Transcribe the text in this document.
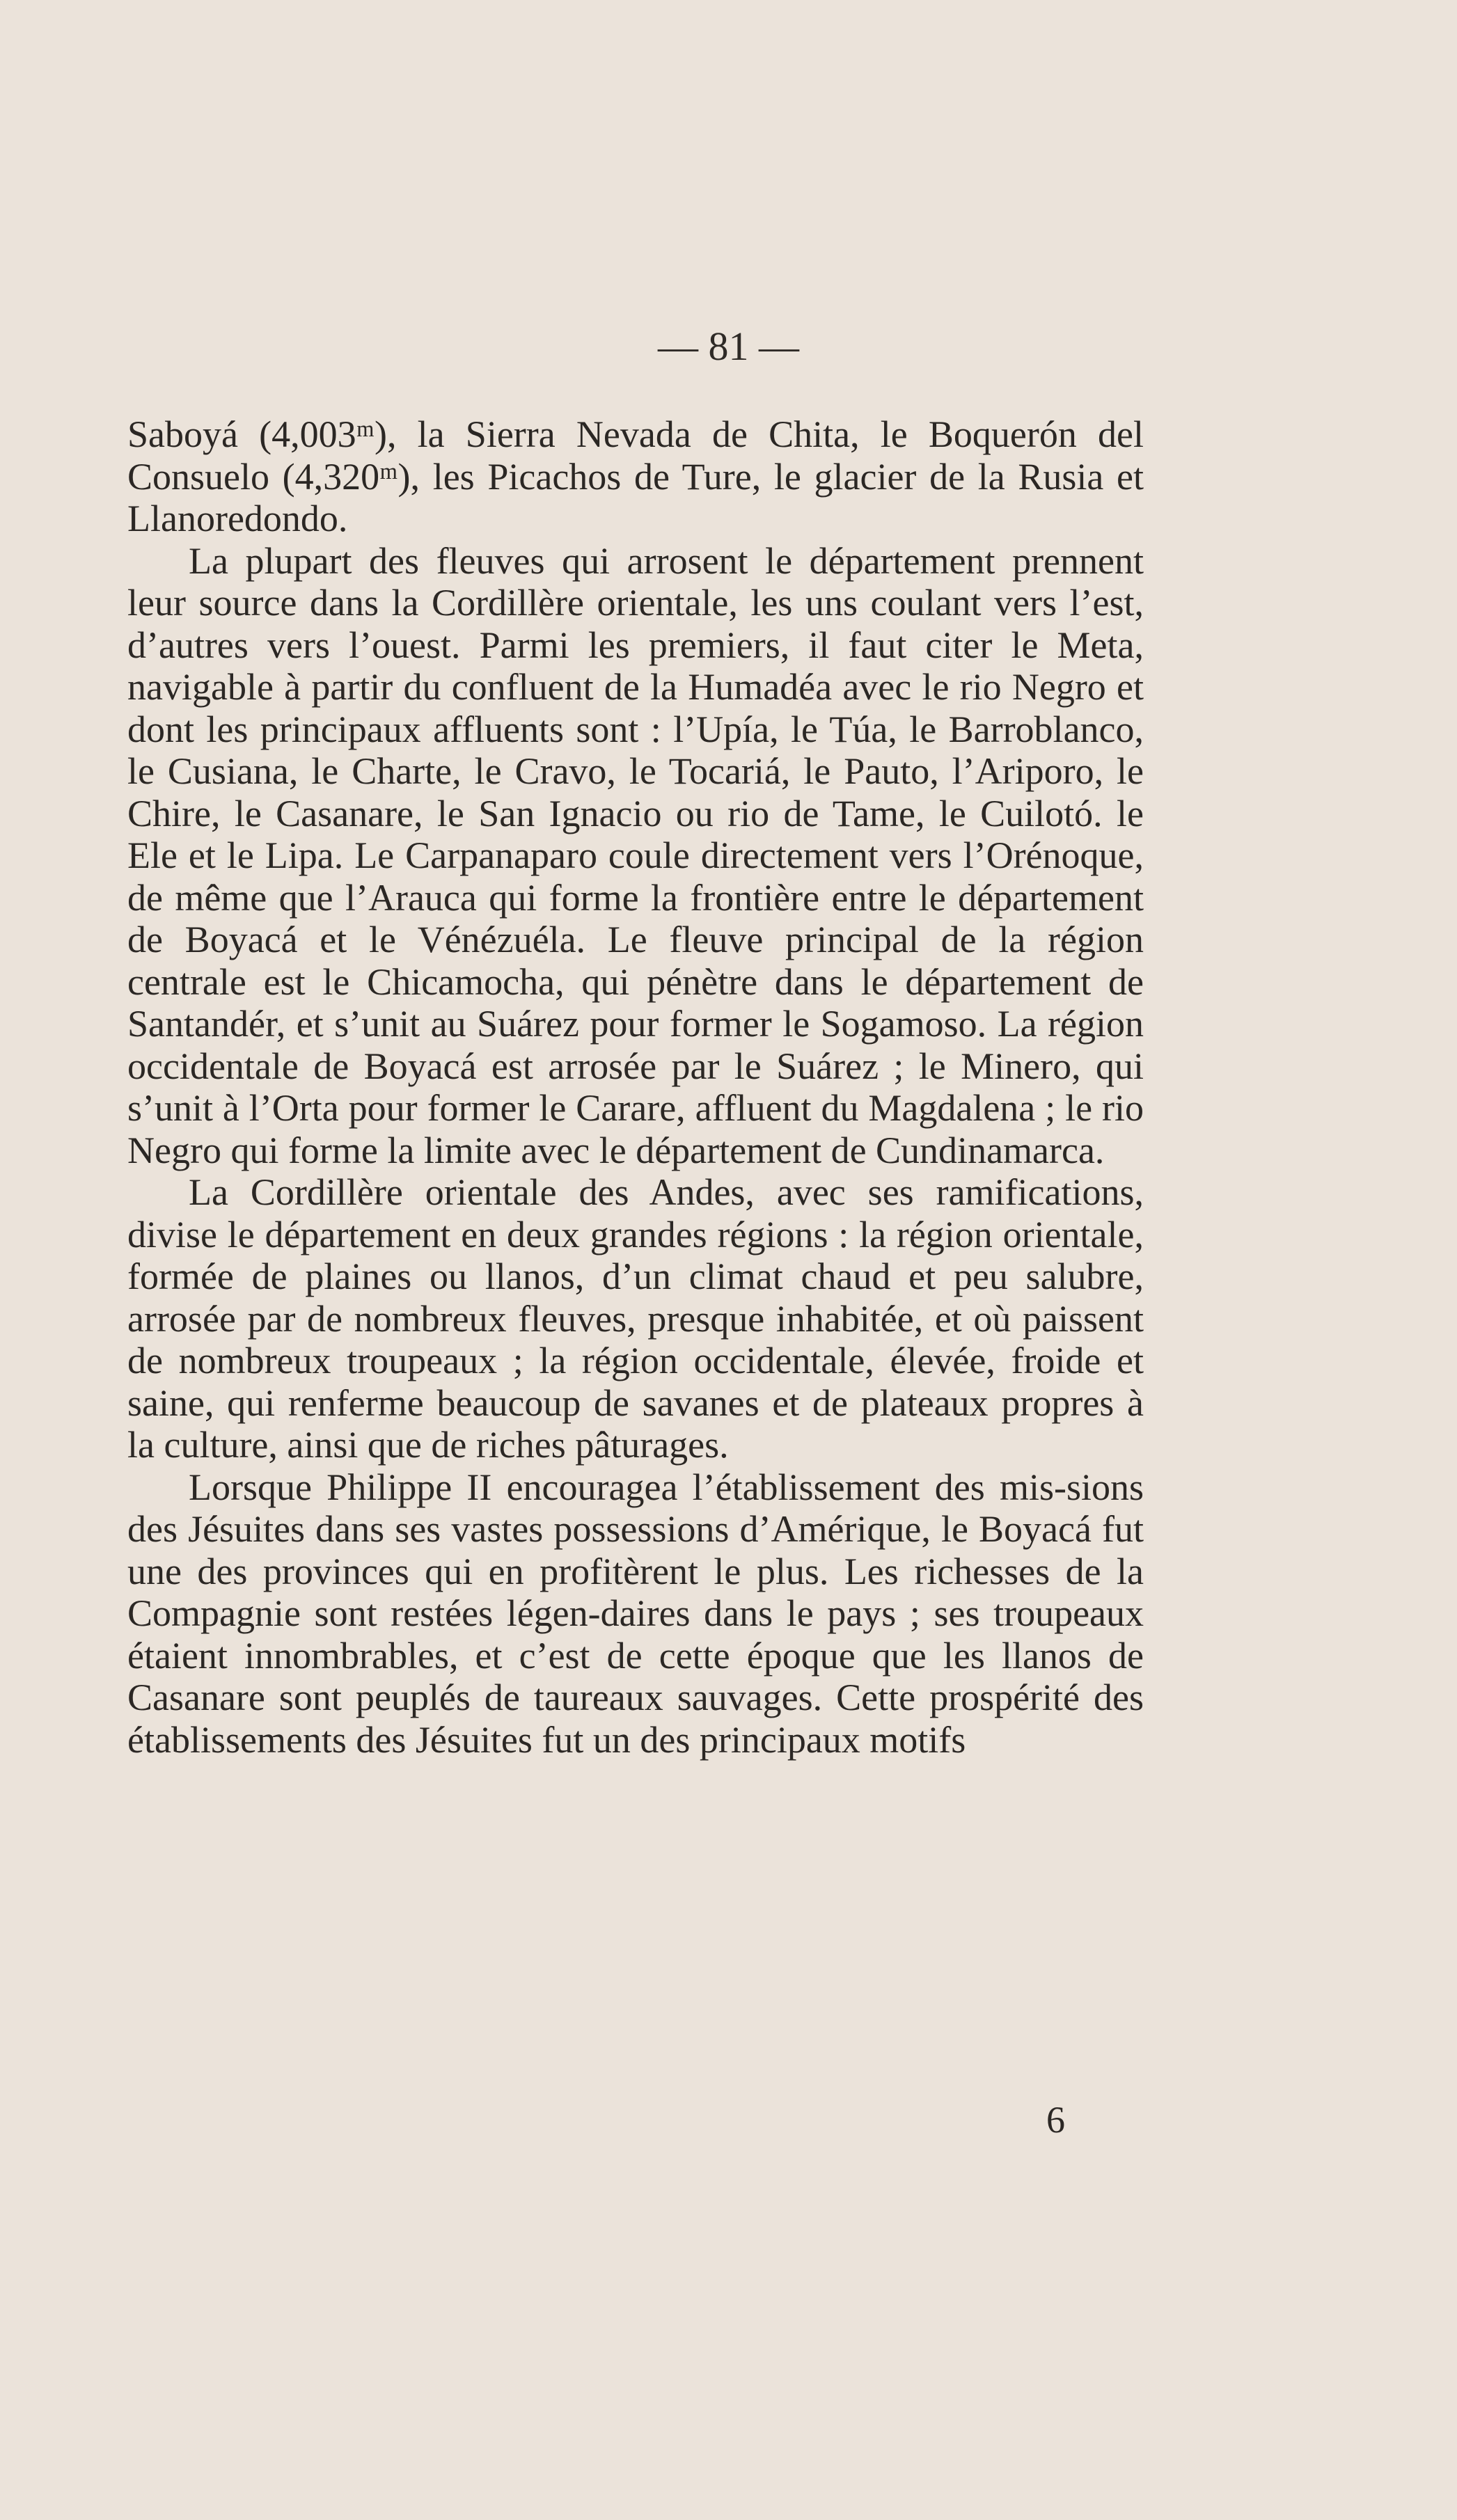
— 81 —

Saboyá (4,003ᵐ), la Sierra Nevada de Chita, le Boquerón del Consuelo (4,320ᵐ), les Picachos de Ture, le glacier de la Rusia et Llanoredondo.

La plupart des fleuves qui arrosent le département prennent leur source dans la Cordillère orientale, les uns coulant vers l’est, d’autres vers l’ouest. Parmi les premiers, il faut citer le Meta, navigable à partir du confluent de la Humadéa avec le rio Negro et dont les principaux affluents sont : l’Upía, le Túa, le Barroblanco, le Cusiana, le Charte, le Cravo, le Tocariá, le Pauto, l’Ariporo, le Chire, le Casanare, le San Ignacio ou rio de Tame, le Cuilotó. le Ele et le Lipa. Le Carpanaparo coule directement vers l’Orénoque, de même que l’Arauca qui forme la frontière entre le département de Boyacá et le Vénézuéla. Le fleuve principal de la région centrale est le Chicamocha, qui pénètre dans le département de Santandér, et s’unit au Suárez pour former le Sogamoso. La région occidentale de Boyacá est arrosée par le Suárez ; le Minero, qui s’unit à l’Orta pour former le Carare, affluent du Magdalena ; le rio Negro qui forme la limite avec le département de Cundinamarca.

La Cordillère orientale des Andes, avec ses ramifications, divise le département en deux grandes régions : la région orientale, formée de plaines ou llanos, d’un climat chaud et peu salubre, arrosée par de nombreux fleuves, presque inhabitée, et où paissent de nombreux troupeaux ; la région occidentale, élevée, froide et saine, qui renferme beaucoup de savanes et de plateaux propres à la culture, ainsi que de riches pâturages.

Lorsque Philippe II encouragea l’établissement des mis-sions des Jésuites dans ses vastes possessions d’Amérique, le Boyacá fut une des provinces qui en profitèrent le plus. Les richesses de la Compagnie sont restées légen-daires dans le pays ; ses troupeaux étaient innombrables, et c’est de cette époque que les llanos de Casanare sont peuplés de taureaux sauvages. Cette prospérité des établissements des Jésuites fut un des principaux motifs

6
